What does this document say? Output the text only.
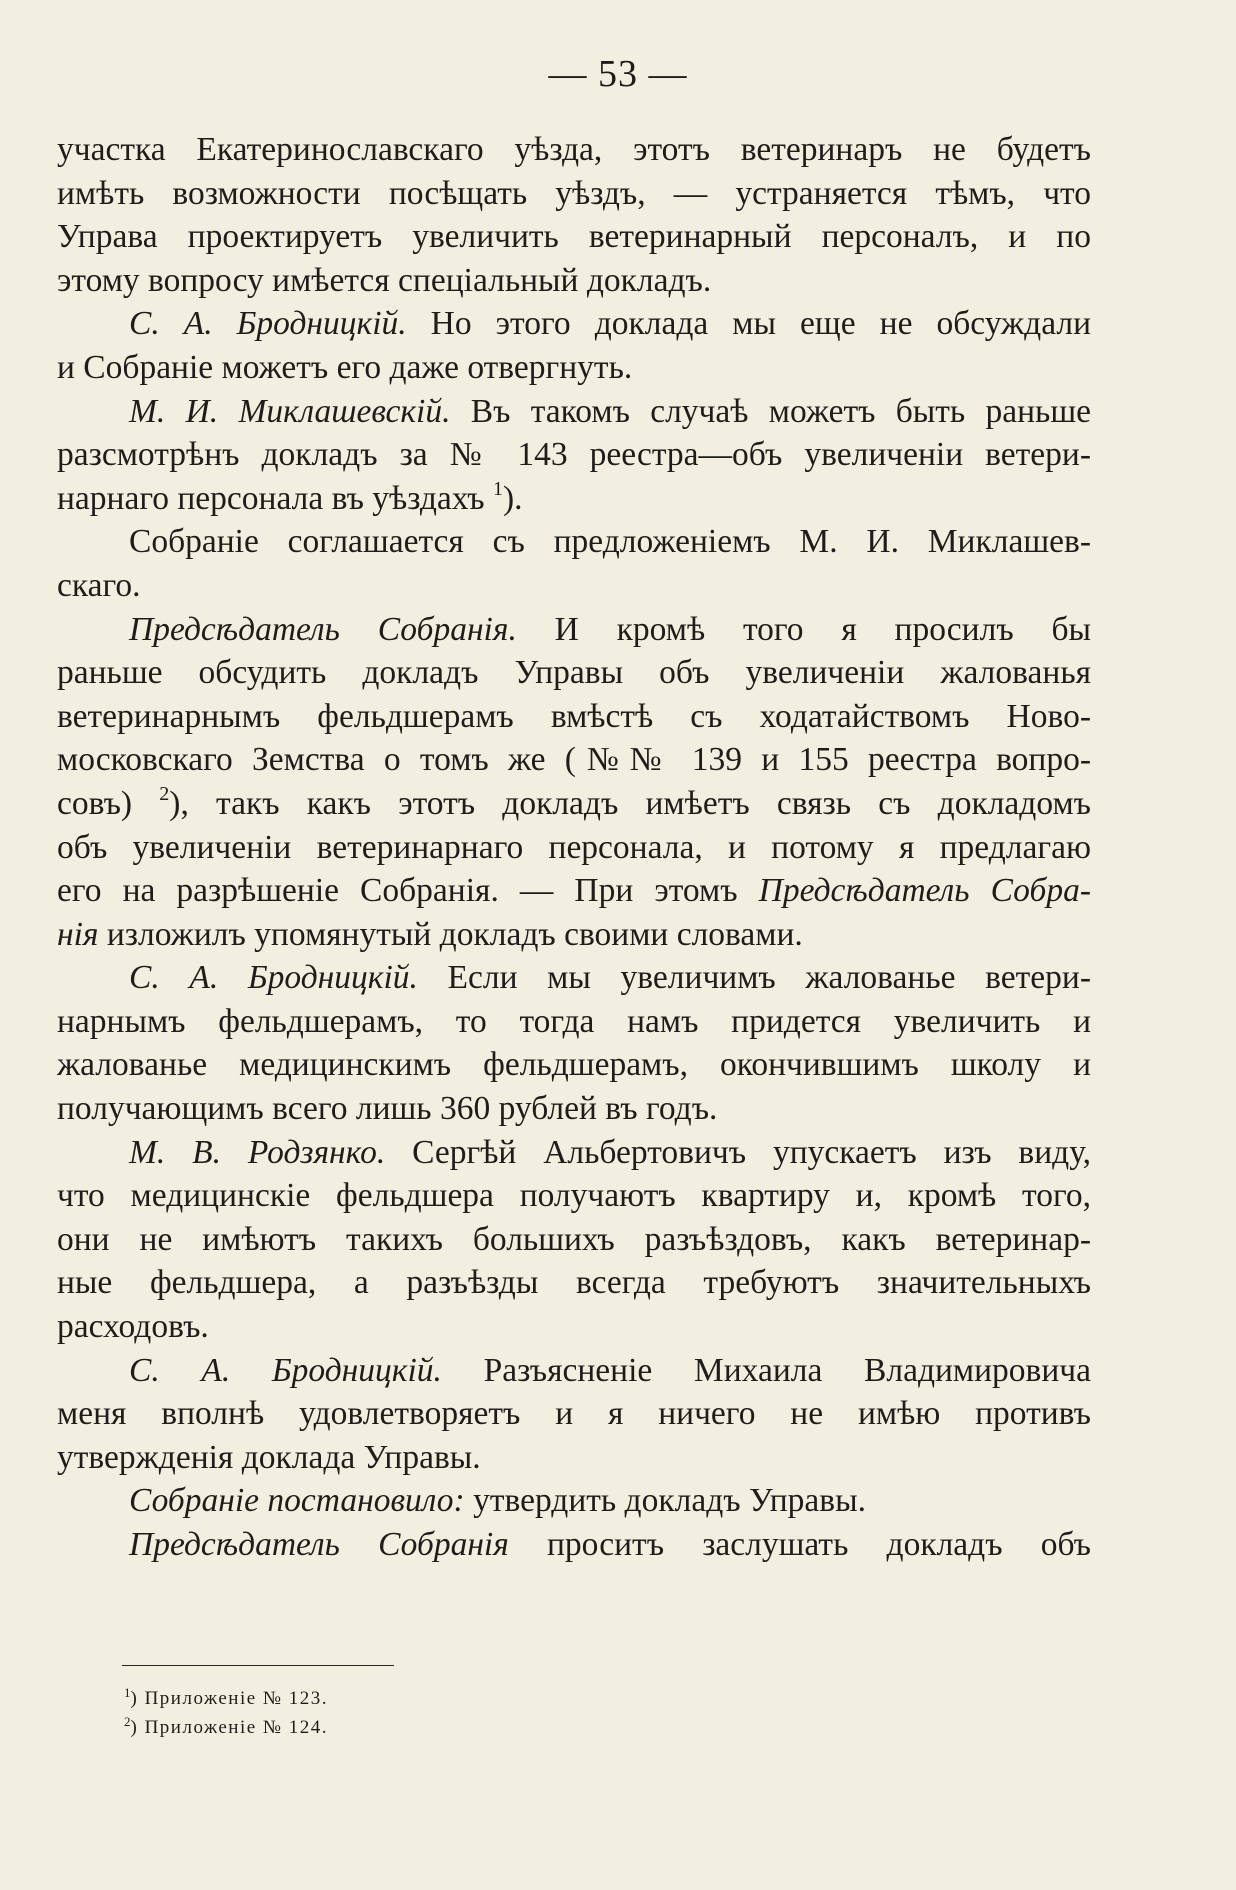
— 53 —
участка Екатеринославскаго уѣзда, этотъ ветеринаръ не будетъ
имѣть возможности посѣщать уѣздъ, — устраняется тѣмъ, что
Управа проектируетъ увеличить ветеринарный персоналъ, и по
этому вопросу имѣется спеціальный докладъ.
С. А. Бродницкій. Но этого доклада мы еще не обсуждали
и Собраніе можетъ его даже отвергнуть.
М. И. Миклашевскій. Въ такомъ случаѣ можетъ быть раньше
разсмотрѣнъ докладъ за № 143 реестра—объ увеличеніи ветери-
нарнаго персонала въ уѣздахъ $^1$).
Собраніе соглашается съ предложеніемъ М. И. Миклашев-
скаго.
Предсѣдатель Собранія. И кромѣ того я просилъ бы
раньше обсудить докладъ Управы объ увеличеніи жалованья
ветеринарнымъ фельдшерамъ вмѣстѣ съ ходатайствомъ Ново-
московскаго Земства о томъ же (№№ 139 и 155 реестра вопро-
совъ) $^2$), такъ какъ этотъ докладъ имѣетъ связь съ докладомъ
объ увеличеніи ветеринарнаго персонала, и потому я предлагаю
его на разрѣшеніе Собранія. — При этомъ Предсѣдатель Собра-
нія изложилъ упомянутый докладъ своими словами.
С. А. Бродницкій. Если мы увеличимъ жалованье ветери-
нарнымъ фельдшерамъ, то тогда намъ придется увеличить и
жалованье медицинскимъ фельдшерамъ, окончившимъ школу и
получающимъ всего лишь 360 рублей въ годъ.
М. В. Родзянко. Сергѣй Альбертовичъ упускаетъ изъ виду,
что медицинскіе фельдшера получаютъ квартиру и, кромѣ того,
они не имѣютъ такихъ большихъ разъѣздовъ, какъ ветеринар-
ные фельдшера, а разъѣзды всегда требуютъ значительныхъ
расходовъ.
С. А. Бродницкій. Разъясненіе Михаила Владимировича
меня вполнѣ удовлетворяетъ и я ничего не имѣю противъ
утвержденія доклада Управы.
Собраніе постановило: утвердить докладъ Управы.
Предсѣдатель Собранія проситъ заслушать докладъ объ
$^1$) Приложеніе № 123.
$^2$) Приложеніе № 124.
